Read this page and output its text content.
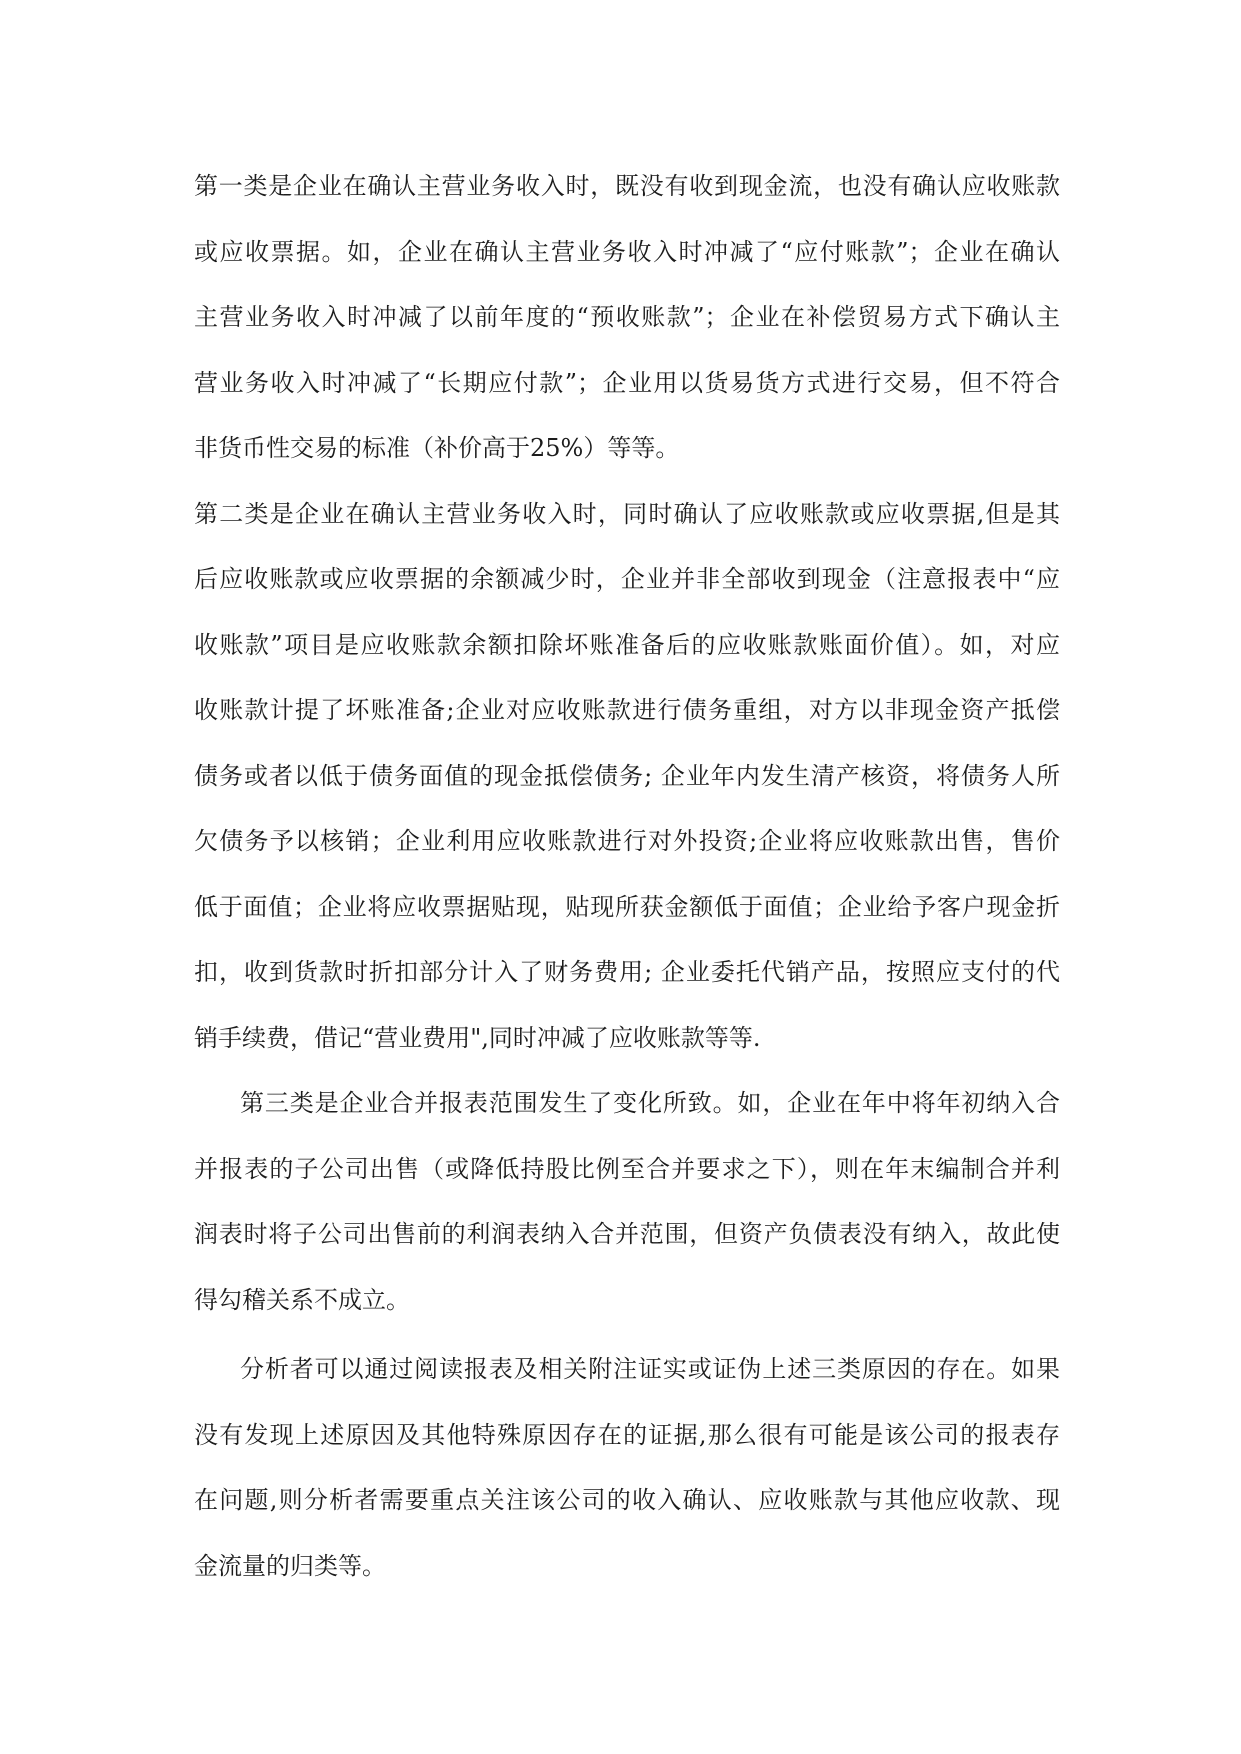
第一类是企业在确认主营业务收入时，既没有收到现金流，也没有确认应收账款
或应收票据。如，企业在确认主营业务收入时冲减了“应付账款”；企业在确认
主营业务收入时冲减了以前年度的“预收账款”；企业在补偿贸易方式下确认主
营业务收入时冲减了“长期应付款”；企业用以货易货方式进行交易，但不符合
非货币性交易的标准（补价高于25%）等等。
第二类是企业在确认主营业务收入时，同时确认了应收账款或应收票据,但是其
后应收账款或应收票据的余额减少时，企业并非全部收到现金（注意报表中“应
收账款”项目是应收账款余额扣除坏账准备后的应收账款账面价值）。如，对应
收账款计提了坏账准备;企业对应收账款进行债务重组，对方以非现金资产抵偿
债务或者以低于债务面值的现金抵偿债务; 企业年内发生清产核资，将债务人所
欠债务予以核销；企业利用应收账款进行对外投资;企业将应收账款出售，售价
低于面值；企业将应收票据贴现，贴现所获金额低于面值；企业给予客户现金折
扣，收到货款时折扣部分计入了财务费用; 企业委托代销产品，按照应支付的代
销手续费，借记“营业费用",同时冲减了应收账款等等.
第三类是企业合并报表范围发生了变化所致。如，企业在年中将年初纳入合
并报表的子公司出售（或降低持股比例至合并要求之下），则在年末编制合并利
润表时将子公司出售前的利润表纳入合并范围，但资产负债表没有纳入，故此使
得勾稽关系不成立。
分析者可以通过阅读报表及相关附注证实或证伪上述三类原因的存在。如果
没有发现上述原因及其他特殊原因存在的证据,那么很有可能是该公司的报表存
在问题,则分析者需要重点关注该公司的收入确认、应收账款与其他应收款、现
金流量的归类等。
